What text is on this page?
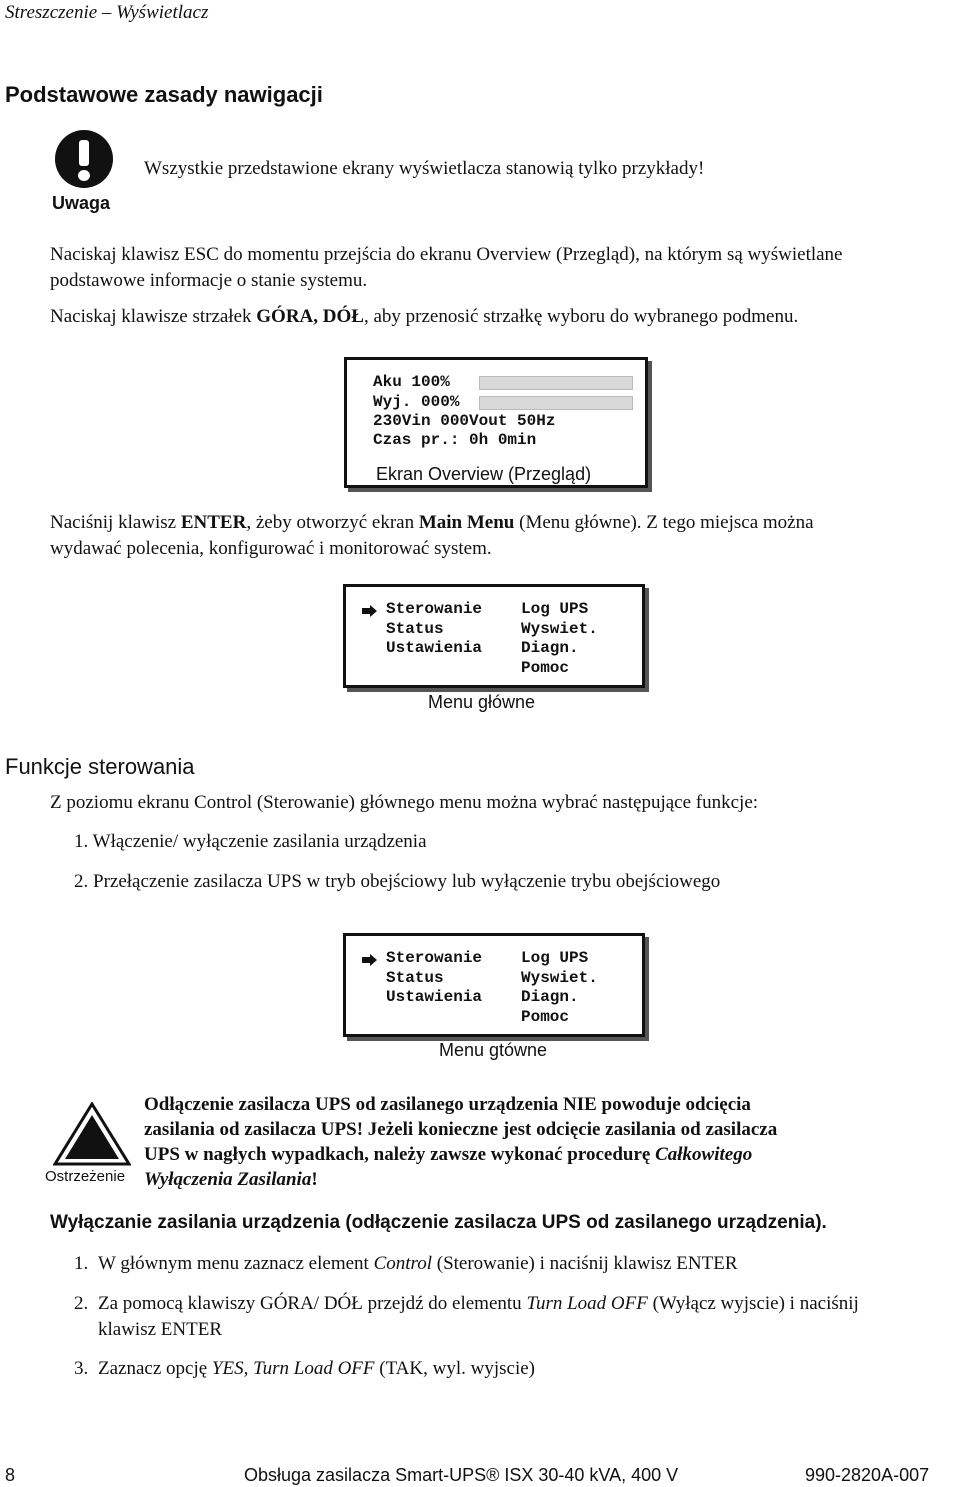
Streszczenie – Wyświetlacz
Podstawowe zasady nawigacji
Uwaga
Wszystkie przedstawione ekrany wyświetlacza stanowią tylko przykłady!
Naciskaj klawisz ESC do momentu przejścia do ekranu Overview (Przegląd), na którym są wyświetlane
podstawowe informacje o stanie systemu.
Naciskaj klawisze strzałek GÓRA, DÓŁ, aby przenosić strzałkę wyboru do wybranego podmenu.
Aku 100%
Wyj. 000%
230Vin 000Vout 50Hz
Czas pr.: 0h 0min
Ekran Overview (Przegląd)
Naciśnij klawisz ENTER, żeby otworzyć ekran Main Menu (Menu główne). Z tego miejsca można
wydawać polecenia, konfigurować i monitorować system.
Sterowanie
Status
Ustawienia
Log UPS
Wyswiet.
Diagn.
Pomoc
Menu główne
Funkcje sterowania
Z poziomu ekranu Control (Sterowanie) głównego menu można wybrać następujące funkcje:
1. Włączenie/ wyłączenie zasilania urządzenia
2. Przełączenie zasilacza UPS w tryb obejściowy lub wyłączenie trybu obejściowego
Sterowanie
Status
Ustawienia
Log UPS
Wyswiet.
Diagn.
Pomoc
Menu gtówne
Ostrzeżenie
Odłączenie zasilacza UPS od zasilanego urządzenia NIE powoduje odcięcia
zasilania od zasilacza UPS! Jeżeli konieczne jest odcięcie zasilania od zasilacza
UPS w nagłych wypadkach, należy zawsze wykonać procedurę Całkowitego
Wyłączenia Zasilania!
Wyłączanie zasilania urządzenia (odłączenie zasilacza UPS od zasilanego urządzenia).
1. W głównym menu zaznacz element Control (Sterowanie) i naciśnij klawisz ENTER
2. Za pomocą klawiszy GÓRA/ DÓŁ przejdź do elementu Turn Load OFF (Wyłącz wyjscie) i naciśnij
klawisz ENTER
3. Zaznacz opcję YES, Turn Load OFF (TAK, wyl. wyjscie)
8	Obsługa zasilacza Smart-UPS® ISX 30-40 kVA, 400 V	990-2820A-007
